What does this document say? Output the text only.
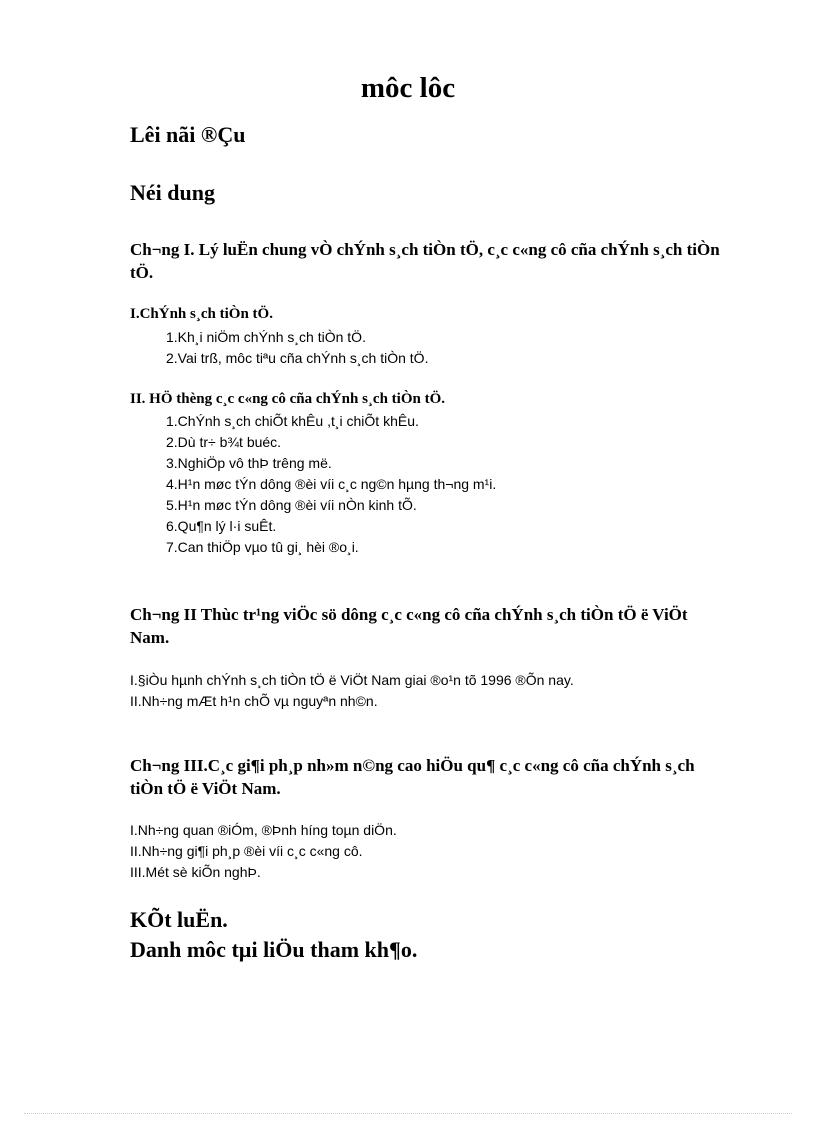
môc lôc
Lêi nãi ®Çu
Néi dung
Ch¬ng I. Lý luËn chung vÒ chÝnh s¸ch tiÒn tÖ, c¸c c«ng cô cña chÝnh s¸ch tiÒn tÖ.
I.ChÝnh s¸ch tiÒn tÖ.
1.Kh¸i niÖm chÝnh s¸ch tiÒn tÖ.
2.Vai trß, môc tiªu cña chÝnh s¸ch tiÒn tÖ.
II. HÖ thèng c¸c c«ng cô cña chÝnh s¸ch tiÒn tÖ.
1.ChÝnh s¸ch chiÕt khÊu ,t¸i chiÕt khÊu.
2.Dù tr÷ b¾t buéc.
3.NghiÖp vô thÞ trêng më.
4.H¹n møc tÝn dông ®èi víi c¸c ng©n hµng th¬ng m¹i.
5.H¹n møc tÝn dông ®èi víi nÒn kinh tÕ.
6.Qu¶n lý l·i suÊt.
7.Can thiÖp vµo tû gi¸ hèi ®o¸i.
Ch¬ng II Thùc tr¹ng viÖc sö dông c¸c c«ng cô cña chÝnh s¸ch tiÒn tÖ ë ViÖt Nam.
I.§iÒu hµnh chÝnh s¸ch tiÒn tÖ ë ViÖt Nam giai ®o¹n tõ 1996 ®Õn nay.
II.Nh÷ng mÆt h¹n chÕ vµ nguyªn nh©n.
Ch¬ng III.C¸c gi¶i ph¸p nh»m n©ng cao hiÖu qu¶ c¸c c«ng cô cña chÝnh s¸ch tiÒn tÖ ë ViÖt Nam.
I.Nh÷ng quan ®iÓm, ®Þnh híng toµn diÖn.
II.Nh÷ng gi¶i ph¸p ®èi víi c¸c c«ng cô.
III.Mét sè kiÕn nghÞ.
KÕt luËn.
Danh môc tµi liÖu tham kh¶o.
